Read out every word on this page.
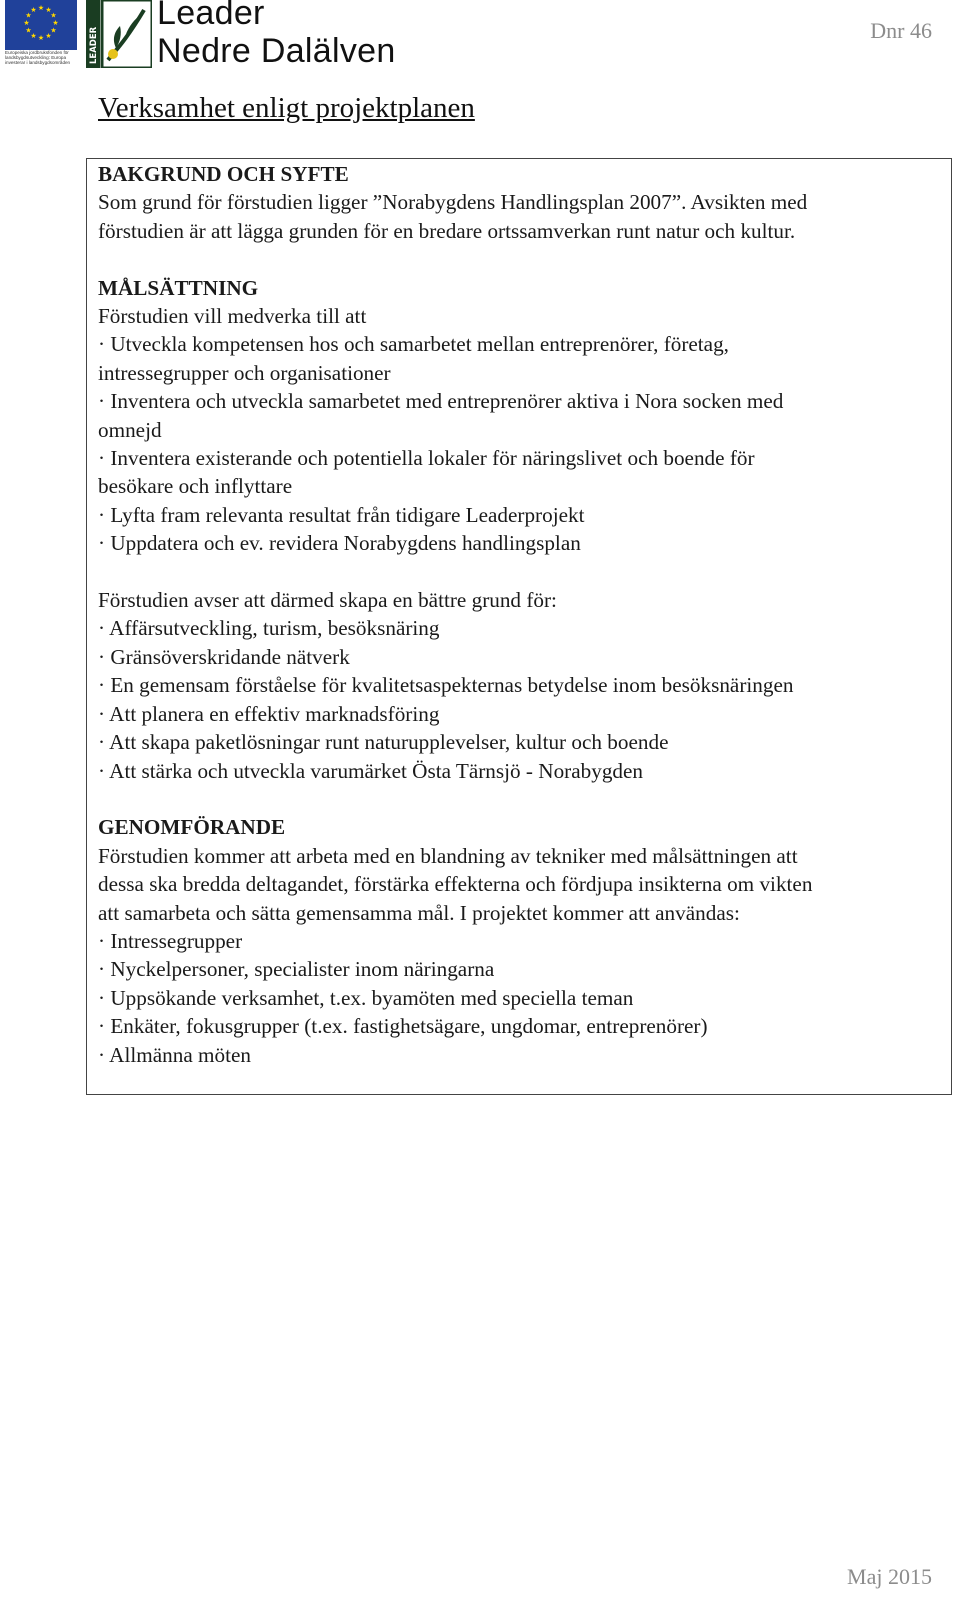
★ ★
★
★
★
★
★
★
★
★
★
★
Europeiska jordbruksfonden för landsbygdsutveckling: Europa investerar i landsbygdsområden	LEADER
Leader
Nedre Dalälven
Dnr 46
Verksamhet enligt projektplanen

BAKGRUND OCH SYFTE

Som grund för förstudien ligger ”Norabygdens Handlingsplan 2007”. Avsikten med

förstudien är att lägga grunden för en bredare ortssamverkan runt natur och kultur.

MÅLSÄTTNING

Förstudien vill medverka till att

· Utveckla kompetensen hos och samarbetet mellan entreprenörer, företag,

intressegrupper och organisationer

· Inventera och utveckla samarbetet med entreprenörer aktiva i Nora socken med

omnejd

· Inventera existerande och potentiella lokaler för näringslivet och boende för

besökare och inflyttare

· Lyfta fram relevanta resultat från tidigare Leaderprojekt

· Uppdatera och ev. revidera Norabygdens handlingsplan

Förstudien avser att därmed skapa en bättre grund för:

· Affärsutveckling, turism, besöksnäring

· Gränsöverskridande nätverk

· En gemensam förståelse för kvalitetsaspekternas betydelse inom besöksnäringen

· Att planera en effektiv marknadsföring

· Att skapa paketlösningar runt naturupplevelser, kultur och boende

· Att stärka och utveckla varumärket Östa Tärnsjö - Norabygden

GENOMFÖRANDE

Förstudien kommer att arbeta med en blandning av tekniker med målsättningen att

dessa ska bredda deltagandet, förstärka effekterna och fördjupa insikterna om vikten

att samarbeta och sätta gemensamma mål. I projektet kommer att användas:

· Intressegrupper

· Nyckelpersoner, specialister inom näringarna

· Uppsökande verksamhet, t.ex. byamöten med speciella teman

· Enkäter, fokusgrupper (t.ex. fastighetsägare, ungdomar, entreprenörer)

· Allmänna möten

Maj 2015
